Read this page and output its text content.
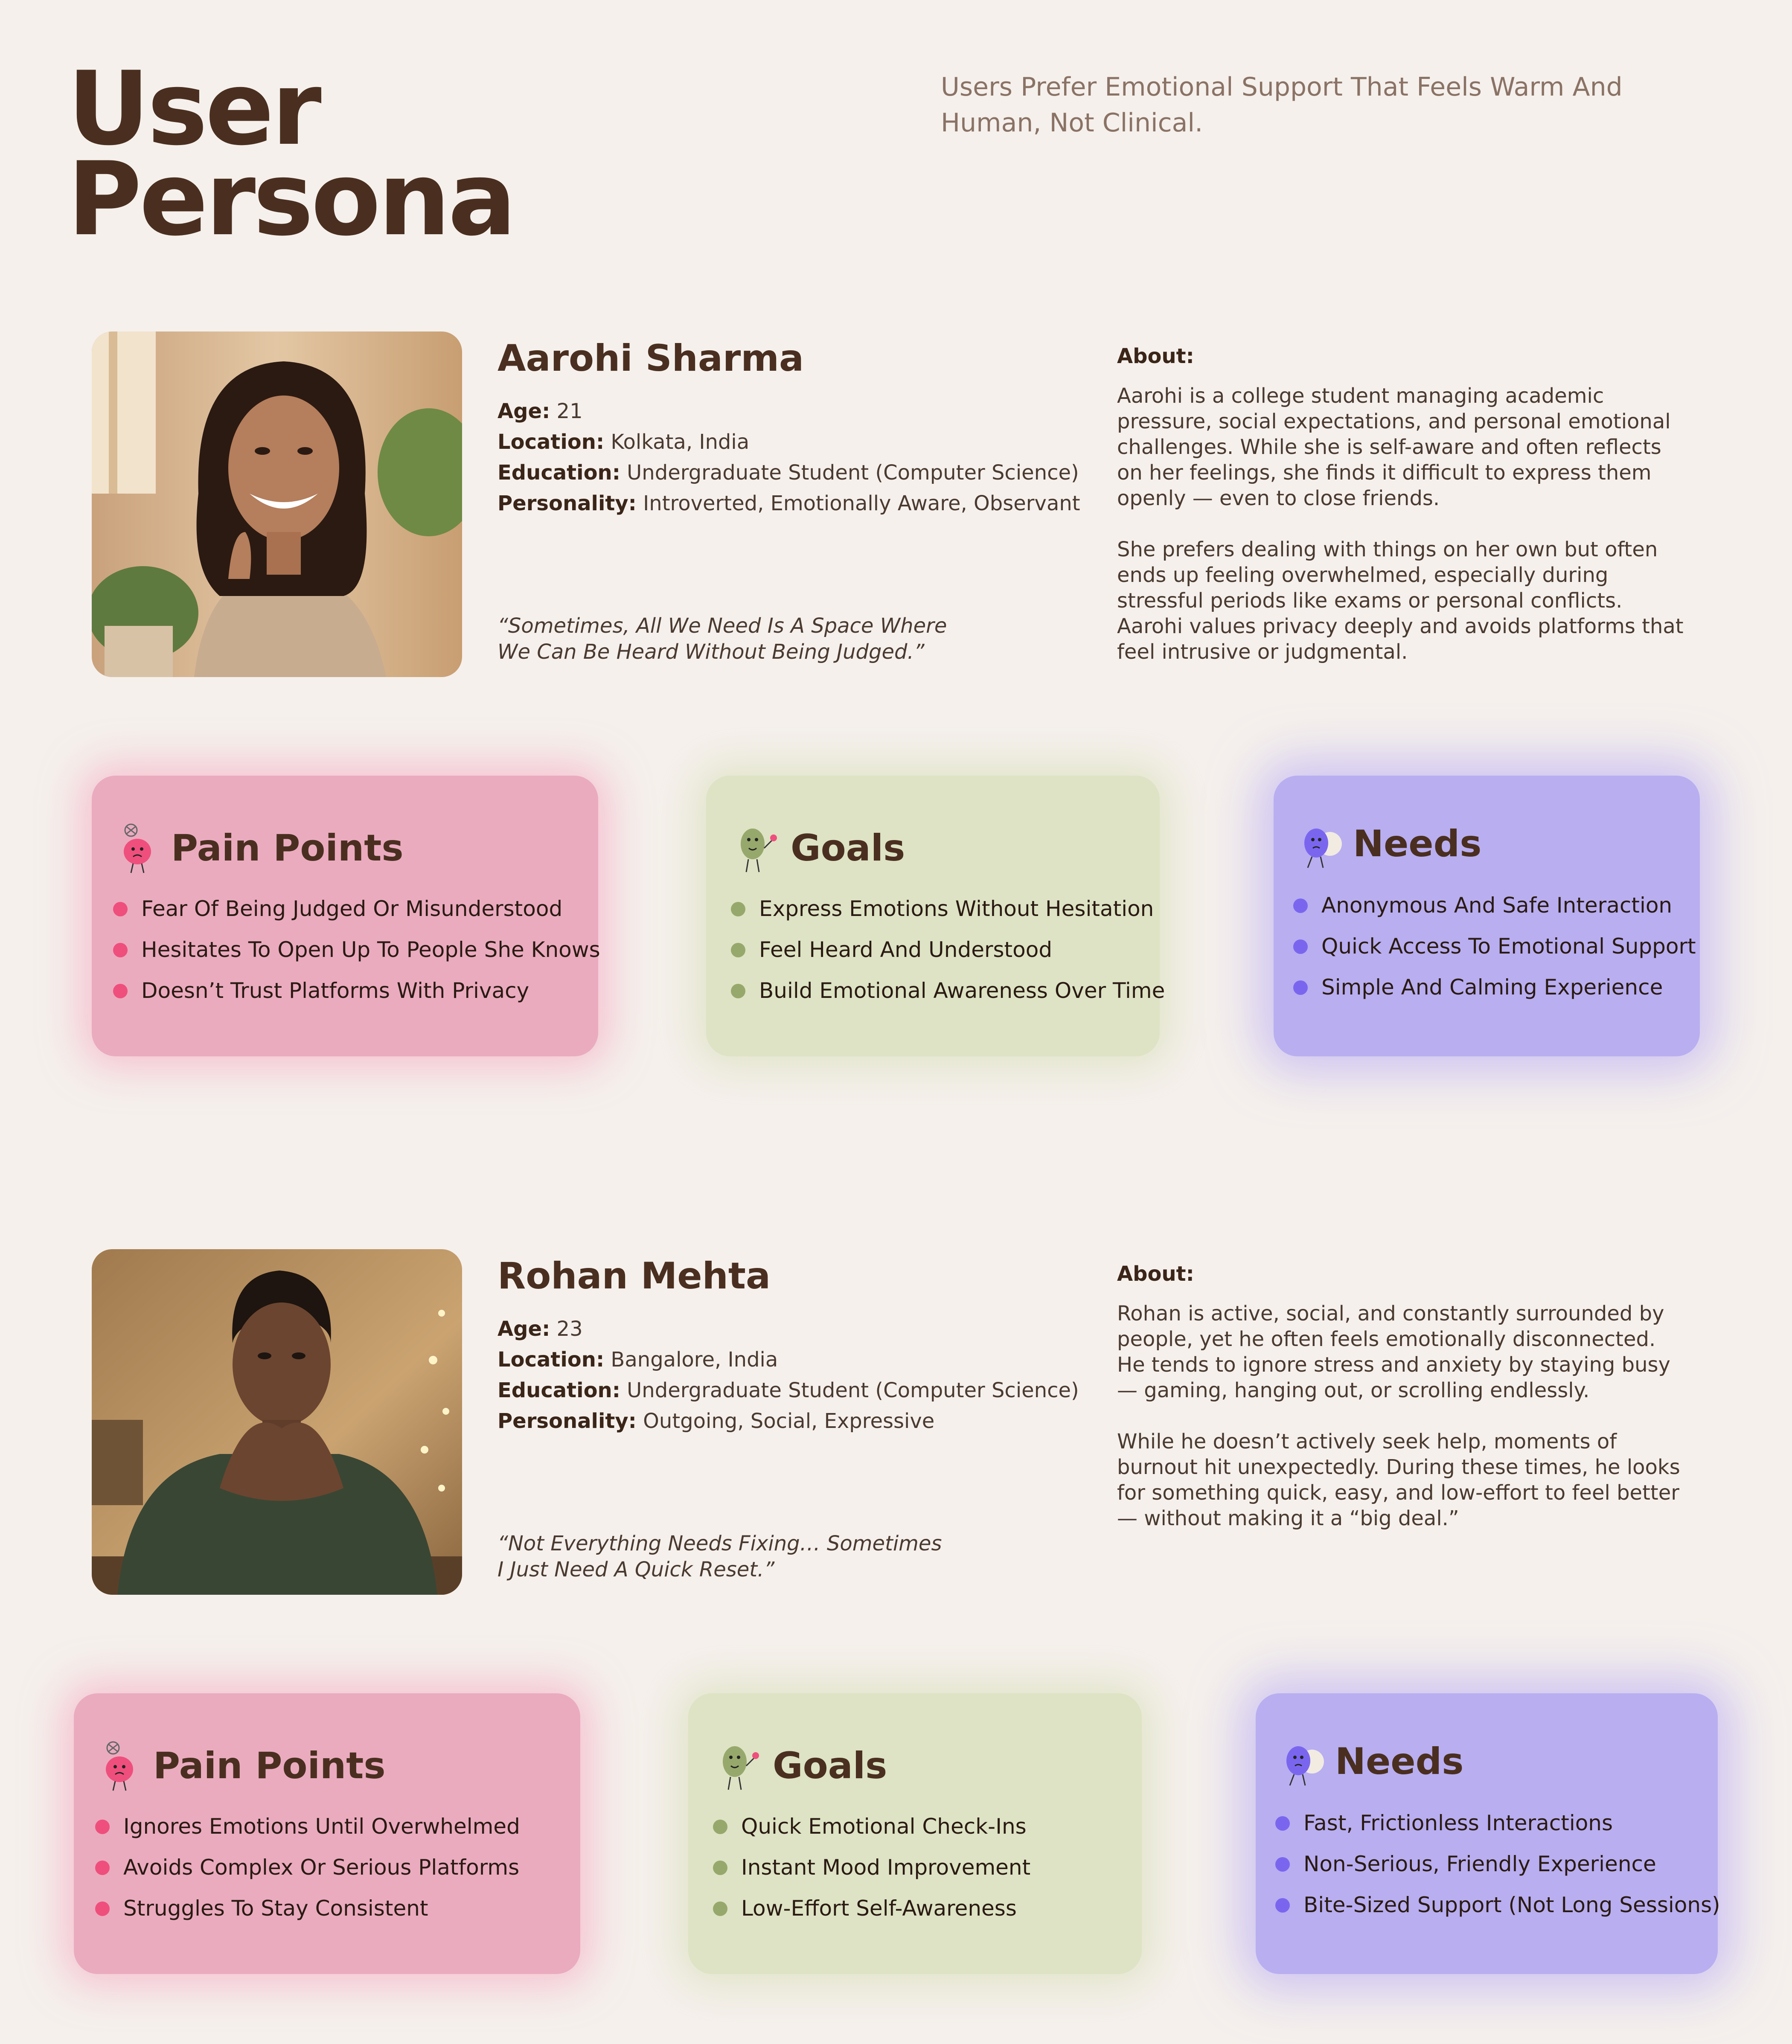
User
Persona
Users Prefer Emotional Support That Feels Warm And Human, Not Clinical.
Aarohi Sharma
Age: 21
Location: Kolkata, India
Education: Undergraduate Student (Computer Science)
Personality: Introverted, Emotionally Aware, Observant
“Sometimes, All We Need Is A Space Where We Can Be Heard Without Being Judged.”
About:

Aarohi is a college student managing academic pressure, social expectations, and personal emotional challenges. While she is self-aware and often reflects on her feelings, she finds it difficult to express them openly — even to close friends.

She prefers dealing with things on her own but often ends up feeling overwhelmed, especially during stressful periods like exams or personal conflicts. Aarohi values privacy deeply and avoids platforms that feel intrusive or judgmental.

Pain Points
Fear Of Being Judged Or Misunderstood
Hesitates To Open Up To People She Knows
Doesn’t Trust Platforms With Privacy
Goals
Express Emotions Without Hesitation
Feel Heard And Understood
Build Emotional Awareness Over Time
Needs
Anonymous And Safe Interaction
Quick Access To Emotional Support
Simple And Calming Experience
Rohan Mehta
Age: 23
Location: Bangalore, India
Education: Undergraduate Student (Computer Science)
Personality: Outgoing, Social, Expressive
“Not Everything Needs Fixing… Sometimes I Just Need A Quick Reset.”
About:

Rohan is active, social, and constantly surrounded by people, yet he often feels emotionally disconnected. He tends to ignore stress and anxiety by staying busy — gaming, hanging out, or scrolling endlessly.

While he doesn’t actively seek help, moments of burnout hit unexpectedly. During these times, he looks for something quick, easy, and low-effort to feel better — without making it a “big deal.”

Pain Points
Ignores Emotions Until Overwhelmed
Avoids Complex Or Serious Platforms
Struggles To Stay Consistent
Goals
Quick Emotional Check-Ins
Instant Mood Improvement
Low-Effort Self-Awareness
Needs
Fast, Frictionless Interactions
Non-Serious, Friendly Experience
Bite-Sized Support (Not Long Sessions)
